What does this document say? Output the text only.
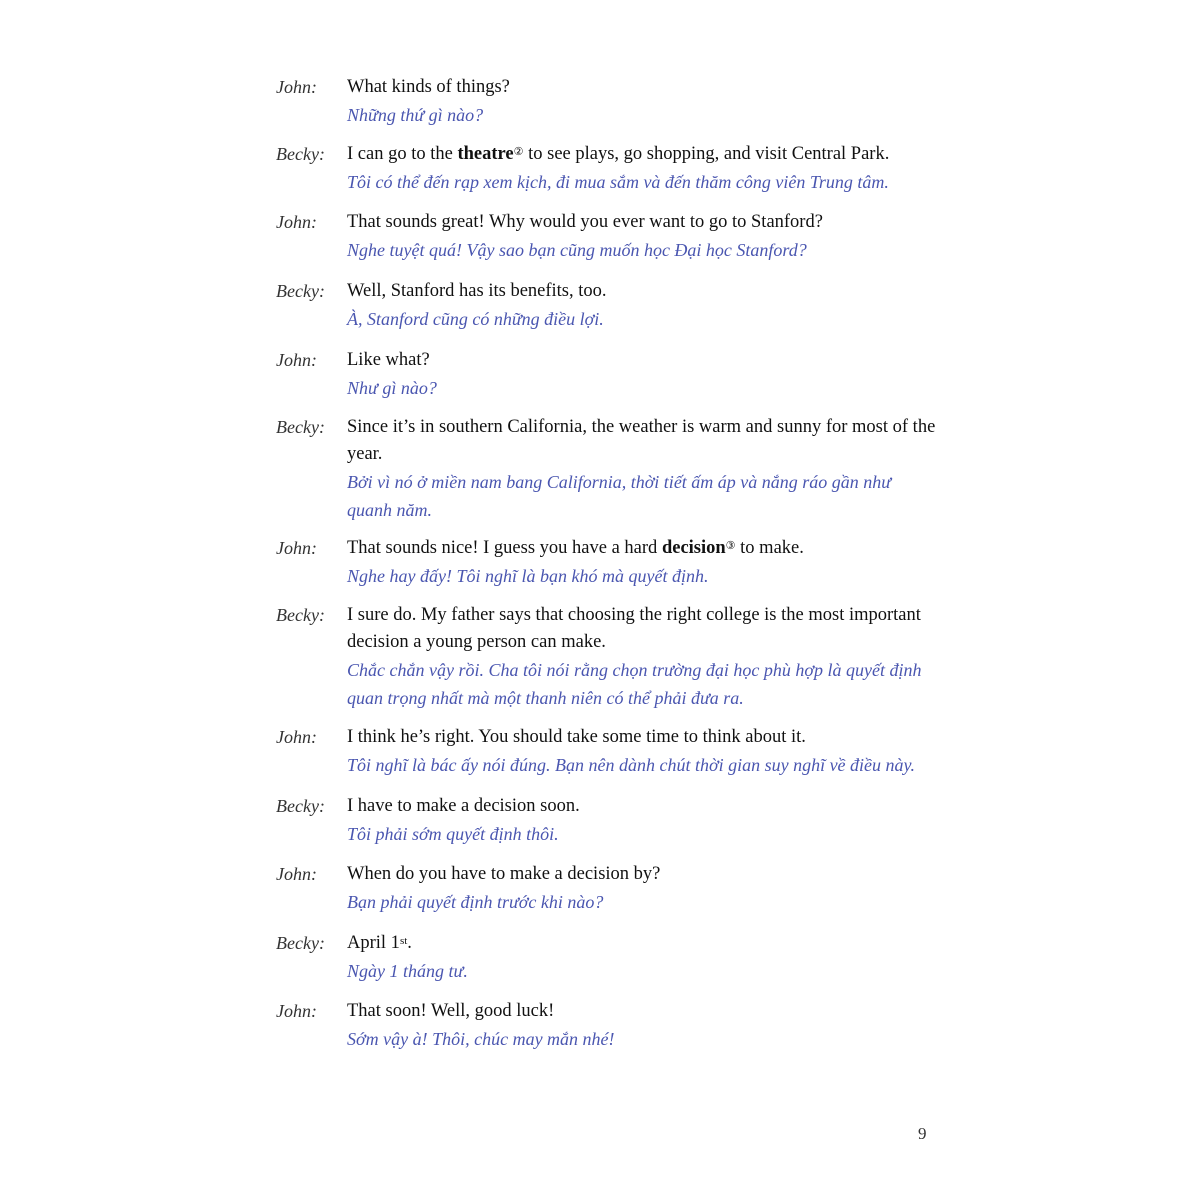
John: What kinds of things?

Những thứ gì nào?

Becky: I can go to the theatre② to see plays, go shopping, and visit Central Park.

Tôi có thể đến rạp xem kịch, đi mua sắm và đến thăm công viên Trung tâm.

John: That sounds great! Why would you ever want to go to Stanford?

Nghe tuyệt quá! Vậy sao bạn cũng muốn học Đại học Stanford?

Becky: Well, Stanford has its benefits, too.

À, Stanford cũng có những điều lợi.

John: Like what?

Như gì nào?

Becky: Since it’s in southern California, the weather is warm and sunny for most of the year.

Bởi vì nó ở miền nam bang California, thời tiết ấm áp và nắng ráo gần như quanh năm.

John: That sounds nice! I guess you have a hard decision③ to make.

Nghe hay đấy! Tôi nghĩ là bạn khó mà quyết định.

Becky: I sure do. My father says that choosing the right college is the most important decision a young person can make.

Chắc chắn vậy rồi. Cha tôi nói rằng chọn trường đại học phù hợp là quyết định quan trọng nhất mà một thanh niên có thể phải đưa ra.

John: I think he’s right. You should take some time to think about it.

Tôi nghĩ là bác ấy nói đúng. Bạn nên dành chút thời gian suy nghĩ về điều này.

Becky: I have to make a decision soon.

Tôi phải sớm quyết định thôi.

John: When do you have to make a decision by?

Bạn phải quyết định trước khi nào?

Becky: April 1st.

Ngày 1 tháng tư.

John: That soon! Well, good luck!

Sớm vậy à! Thôi, chúc may mắn nhé!

9
